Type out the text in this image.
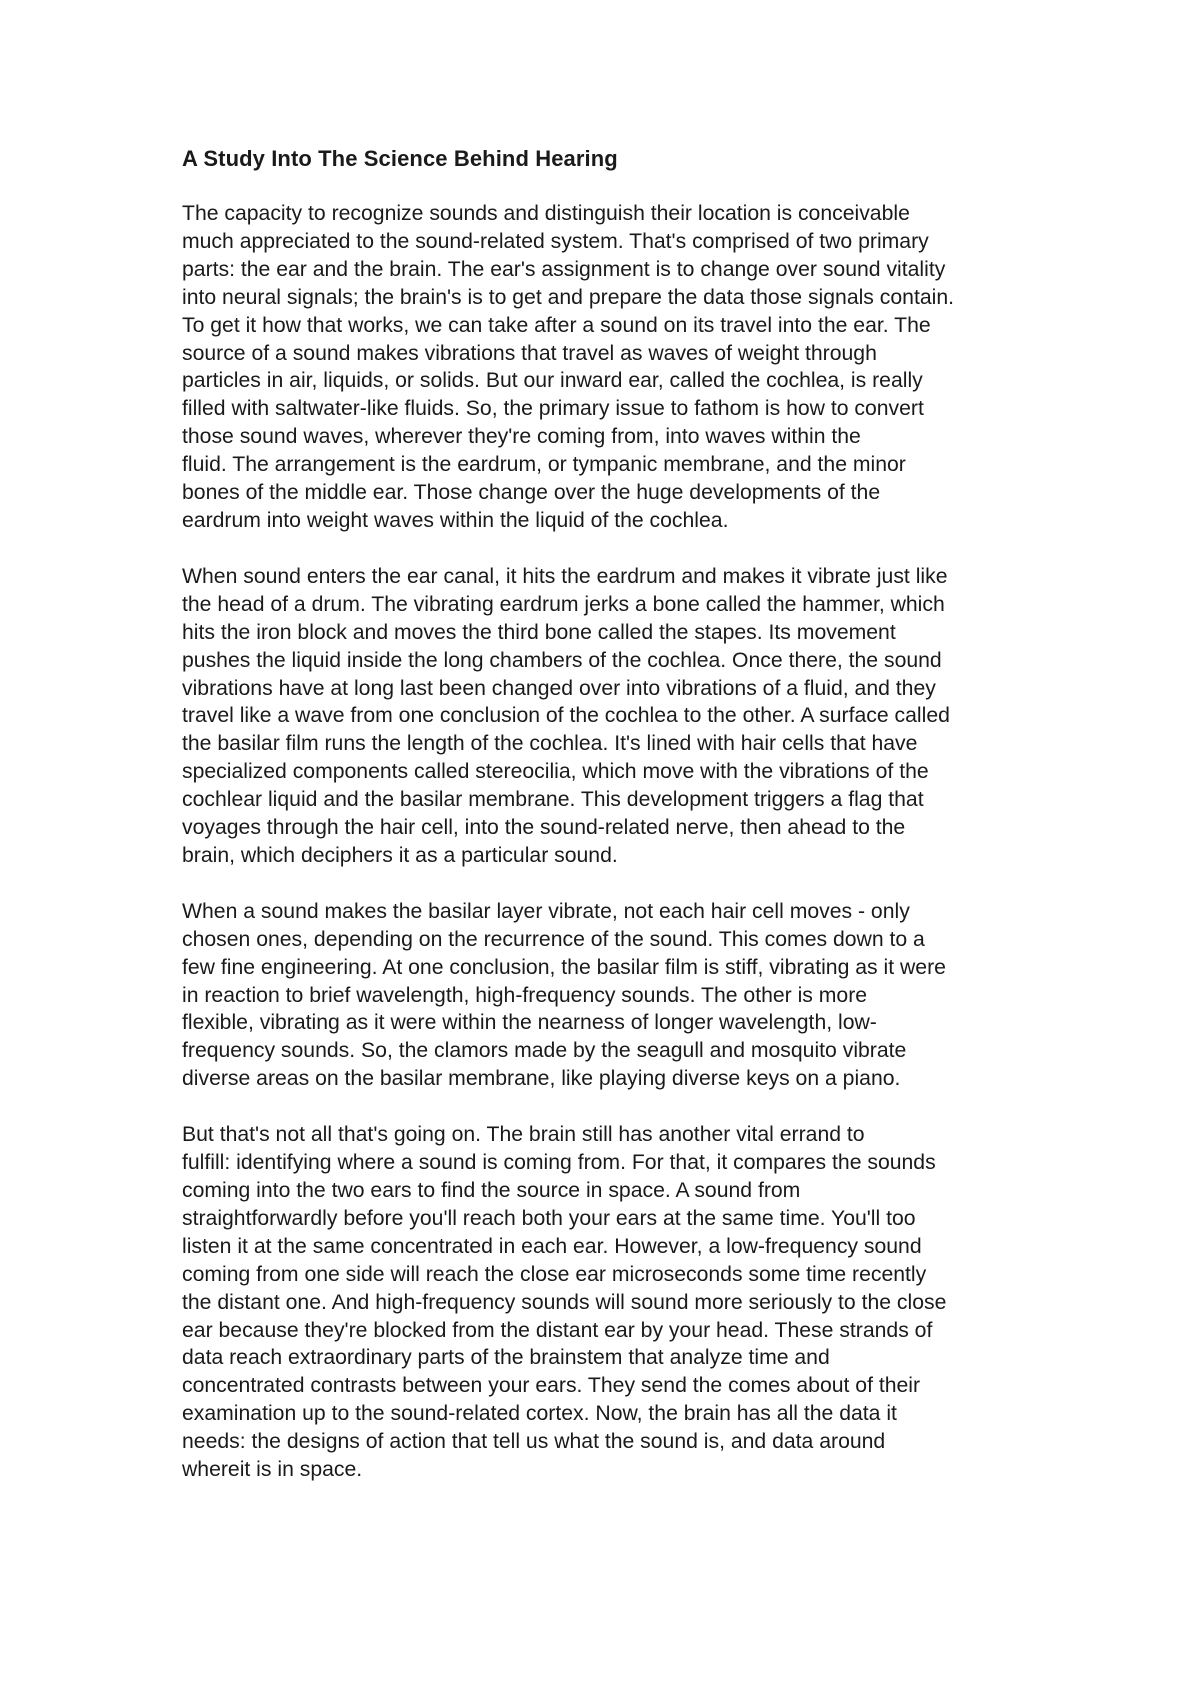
A Study Into The Science Behind Hearing

The capacity to recognize sounds and distinguish their location is conceivable
much appreciated to the sound-related system. That's comprised of two primary
parts: the ear and the brain. The ear's assignment is to change over sound vitality
into neural signals; the brain's is to get and prepare the data those signals contain.
To get it how that works, we can take after a sound on its travel into the ear. The
source of a sound makes vibrations that travel as waves of weight through
particles in air, liquids, or solids. But our inward ear, called the cochlea, is really
filled with saltwater-like fluids. So, the primary issue to fathom is how to convert
those sound waves, wherever they're coming from, into waves within the
fluid. The arrangement is the eardrum, or tympanic membrane, and the minor
bones of the middle ear. Those change over the huge developments of the
eardrum into weight waves within the liquid of the cochlea.

When sound enters the ear canal, it hits the eardrum and makes it vibrate just like
the head of a drum. The vibrating eardrum jerks a bone called the hammer, which
hits the iron block and moves the third bone called the stapes. Its movement
pushes the liquid inside the long chambers of the cochlea. Once there, the sound
vibrations have at long last been changed over into vibrations of a fluid, and they
travel like a wave from one conclusion of the cochlea to the other. A surface called
the basilar film runs the length of the cochlea. It's lined with hair cells that have
specialized components called stereocilia, which move with the vibrations of the
cochlear liquid and the basilar membrane. This development triggers a flag that
voyages through the hair cell, into the sound-related nerve, then ahead to the
brain, which deciphers it as a particular sound.

When a sound makes the basilar layer vibrate, not each hair cell moves - only
chosen ones, depending on the recurrence of the sound. This comes down to a
few fine engineering. At one conclusion, the basilar film is stiff, vibrating as it were
in reaction to brief wavelength, high-frequency sounds. The other is more
flexible, vibrating as it were within the nearness of longer wavelength, low-
frequency sounds. So, the clamors made by the seagull and mosquito vibrate
diverse areas on the basilar membrane, like playing diverse keys on a piano.

But that's not all that's going on. The brain still has another vital errand to
fulfill: identifying where a sound is coming from. For that, it compares the sounds
coming into the two ears to find the source in space. A sound from
straightforwardly before you'll reach both your ears at the same time. You'll too
listen it at the same concentrated in each ear. However, a low-frequency sound
coming from one side will reach the close ear microseconds some time recently
the distant one. And high-frequency sounds will sound more seriously to the close
ear because they're blocked from the distant ear by your head. These strands of
data reach extraordinary parts of the brainstem that analyze time and
concentrated contrasts between your ears. They send the comes about of their
examination up to the sound-related cortex. Now, the brain has all the data it
needs: the designs of action that tell us what the sound is, and data around
whereit is in space.
